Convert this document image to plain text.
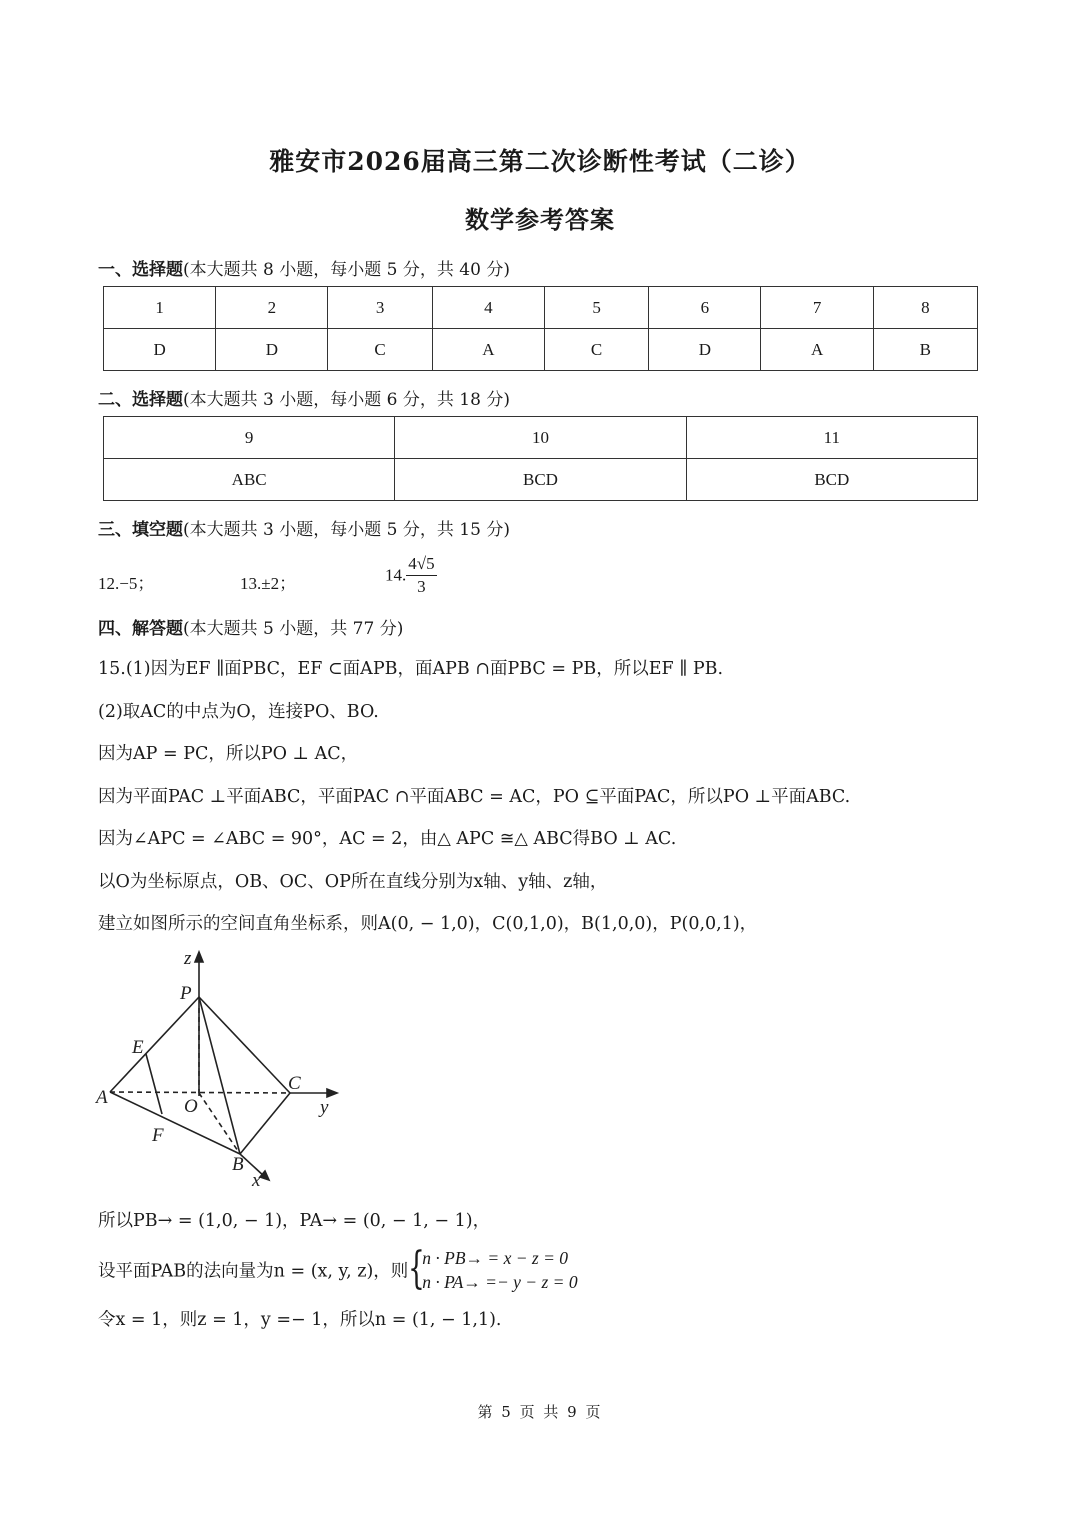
雅安市2026届高三第二次诊断性考试（二诊）
数学参考答案
一、选择题(本大题共 8 小题，每小题 5 分，共 40 分)
1	2	3	4	5	6	7	8
D	D	C	A	C	D	A	B
二、选择题(本大题共 3 小题，每小题 6 分，共 18 分)
9	10	11
ABC	BCD	BCD
三、填空题(本大题共 3 小题，每小题 5 分，共 15 分)
12.−5；	13.±2；	14. $\frac{4√5}{3}$
四、解答题(本大题共 5 小题，共 77 分)
15.(1)因为EF ∥面PBC，EF ⊂面APB，面APB ∩面PBC = PB，所以EF ∥ PB.
(2)取AC的中点为O，连接PO、BO.
因为AP = PC，所以PO ⊥ AC，
因为平面PAC ⊥平面ABC，平面PAC ∩平面ABC = AC，PO ⊆平面PAC，所以PO ⊥平面ABC.
因为∠APC = ∠ABC = 90°，AC = 2，由△ APC ≅△ ABC得BO ⊥ AC.
以O为坐标原点，OB、OC、OP所在直线分别为x轴、y轴、z轴，
建立如图所示的空间直角坐标系，则A(0, − 1,0)，C(0,1,0)，B(1,0,0)，P(0,0,1)，
z
P
E
A	O
C
y
F
B
x
所以PB→ = (1,0, − 1)，PA→ = (0, − 1, − 1)，
设平面PAB的法向量为n = (x, y, z)，则 {
n · PB→ = x − z = 0
n · PA→ =− y − z = 0
令x = 1，则z = 1，y =− 1，所以n = (1, − 1,1).
第 5 页 共 9 页
